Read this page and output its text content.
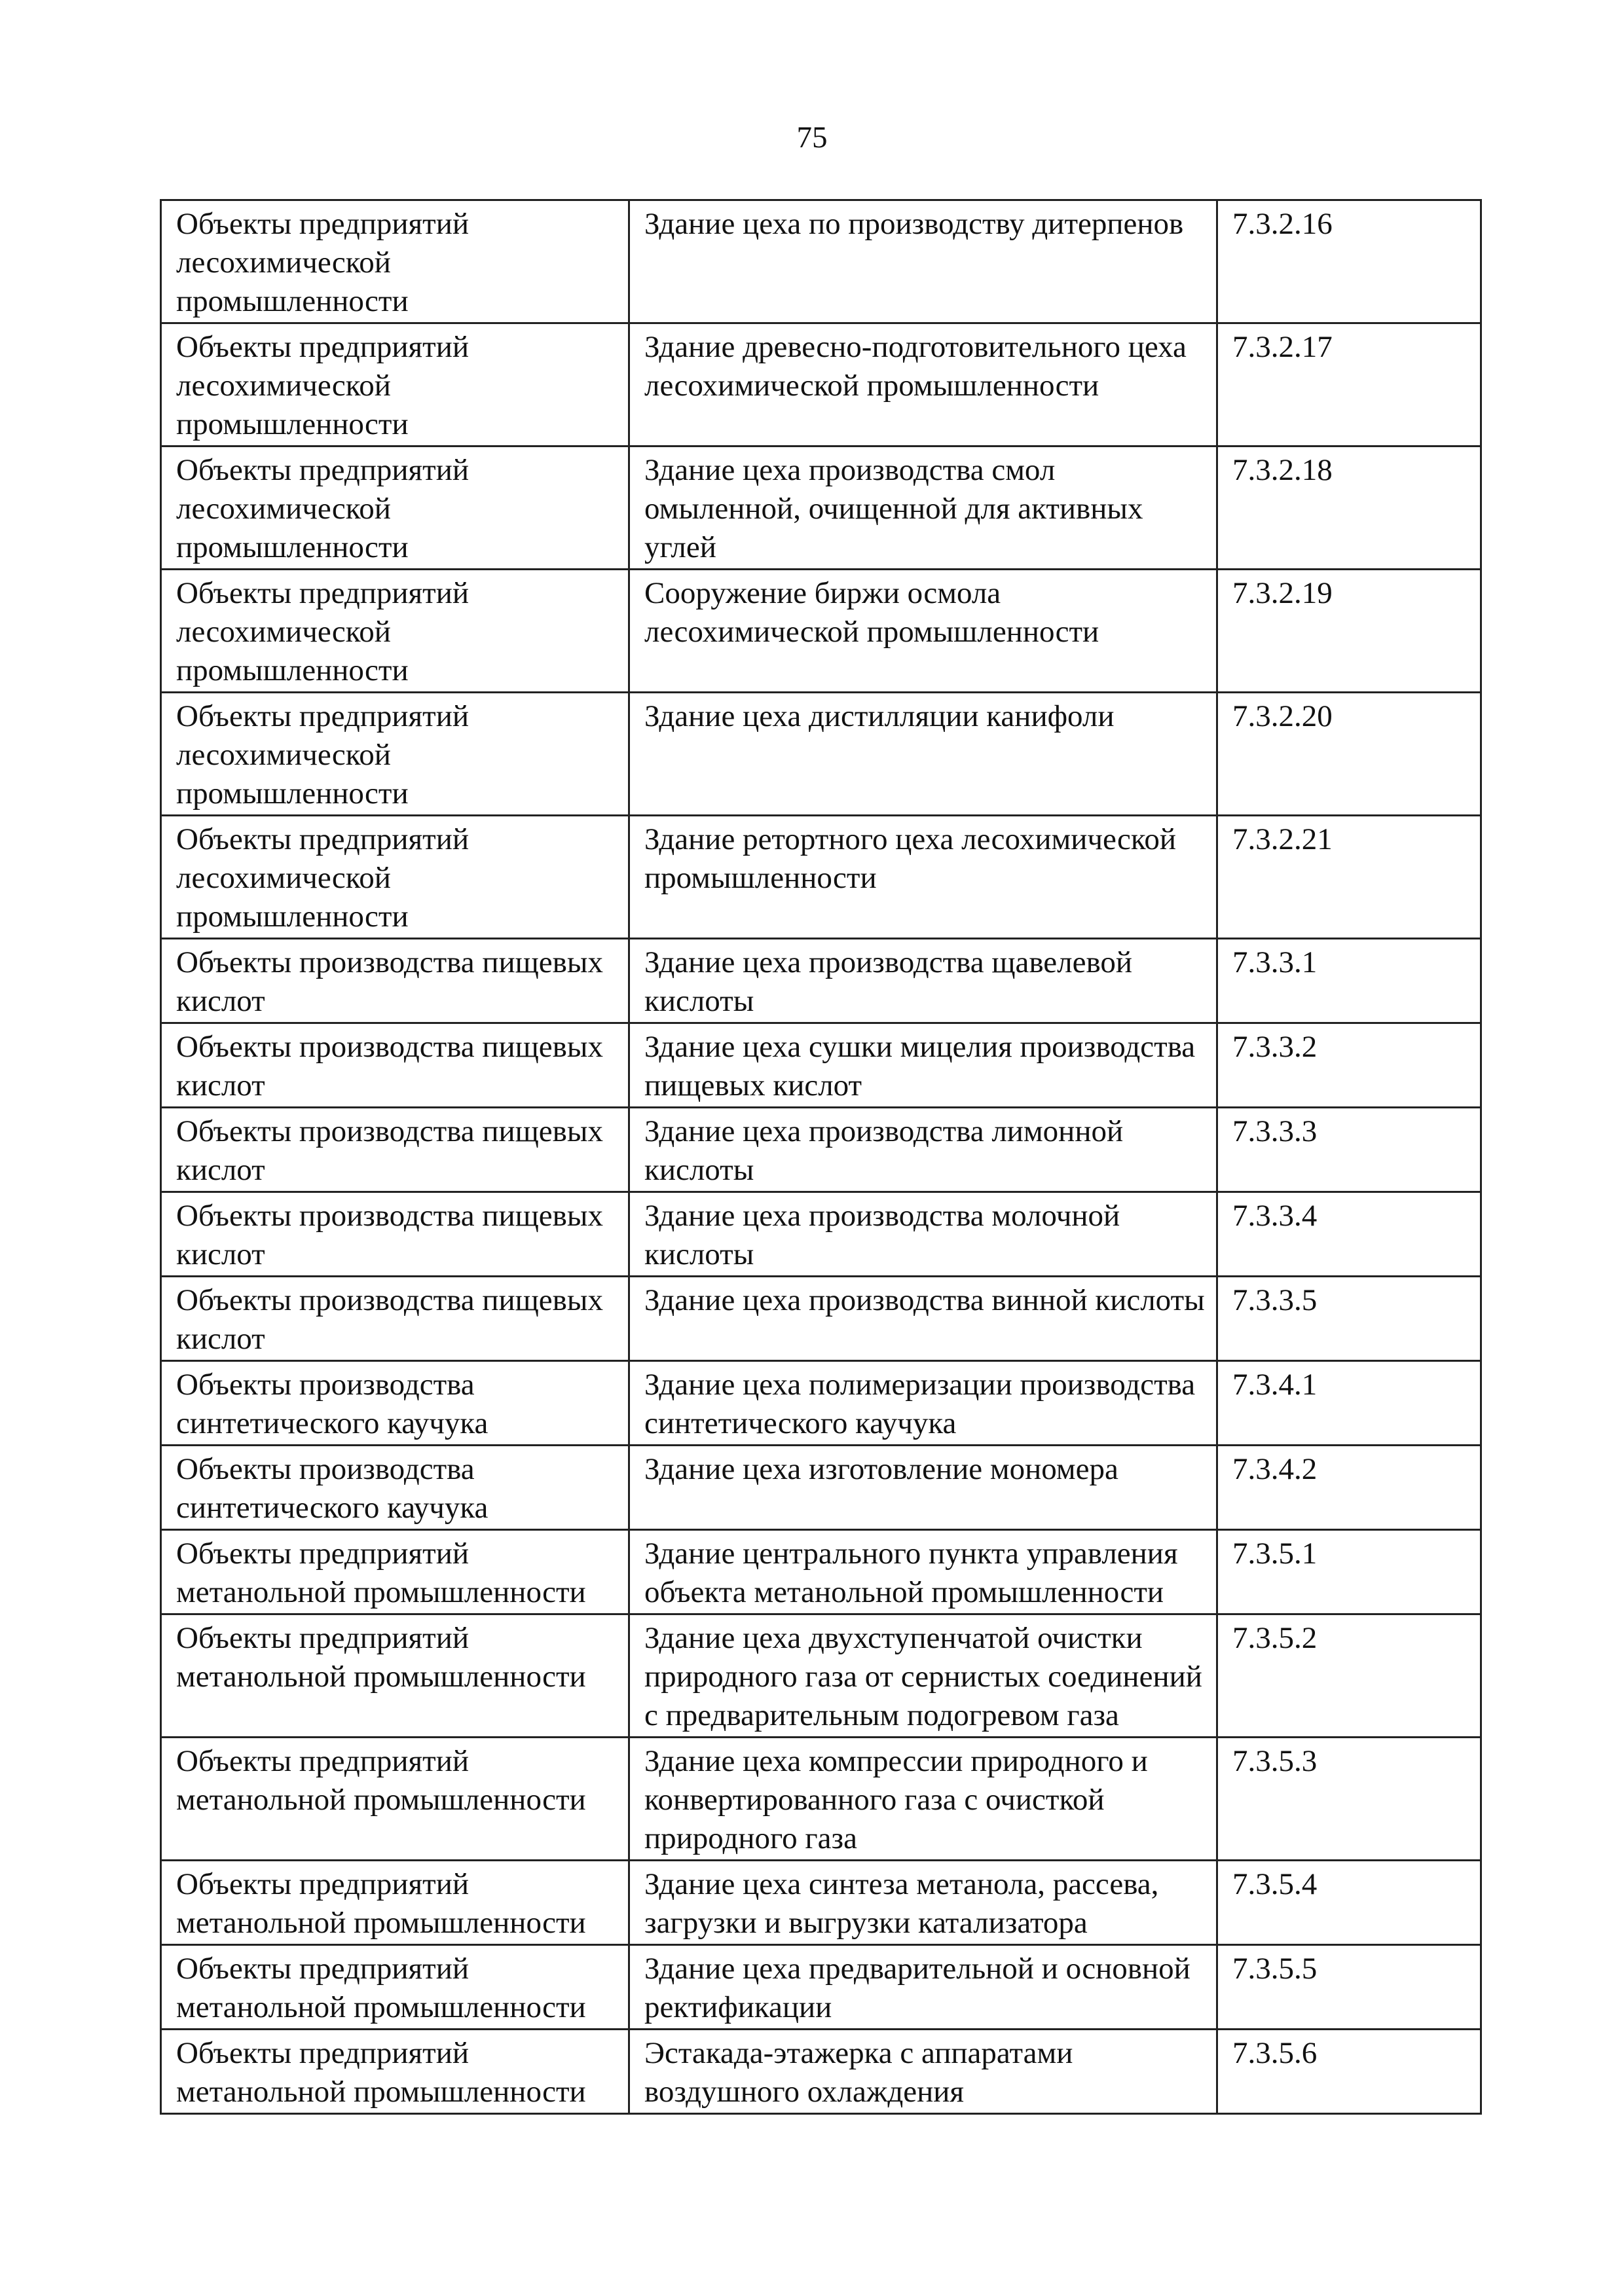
75
Объекты предприятий лесохимической промышленности	Здание цеха по производству дитерпенов	7.3.2.16
Объекты предприятий лесохимической промышленности	Здание древесно-подготовительного цеха лесохимической промышленности	7.3.2.17
Объекты предприятий лесохимической промышленности	Здание цеха производства смол омыленной, очищенной для активных углей	7.3.2.18
Объекты предприятий лесохимической промышленности	Сооружение биржи осмола лесохимической промышленности	7.3.2.19
Объекты предприятий лесохимической промышленности	Здание цеха дистилляции канифоли	7.3.2.20
Объекты предприятий лесохимической промышленности	Здание ретортного цеха лесохимической промышленности	7.3.2.21
Объекты производства пищевых кислот	Здание цеха производства щавелевой кислоты	7.3.3.1
Объекты производства пищевых кислот	Здание цеха сушки мицелия производства пищевых кислот	7.3.3.2
Объекты производства пищевых кислот	Здание цеха производства лимонной кислоты	7.3.3.3
Объекты производства пищевых кислот	Здание цеха производства молочной кислоты	7.3.3.4
Объекты производства пищевых кислот	Здание цеха производства винной кислоты	7.3.3.5
Объекты производства синтетического каучука	Здание цеха полимеризации производства синтетического каучука	7.3.4.1
Объекты производства синтетического каучука	Здание цеха изготовление мономера	7.3.4.2
Объекты предприятий метанольной промышленности	Здание центрального пункта управления объекта метанольной промышленности	7.3.5.1
Объекты предприятий метанольной промышленности	Здание цеха двухступенчатой очистки природного газа от сернистых соединений с предварительным подогревом газа	7.3.5.2
Объекты предприятий метанольной промышленности	Здание цеха компрессии природного и конвертированного газа с очисткой природного газа	7.3.5.3
Объекты предприятий метанольной промышленности	Здание цеха синтеза метанола, рассева, загрузки и выгрузки катализатора	7.3.5.4
Объекты предприятий метанольной промышленности	Здание цеха предварительной и основной ректификации	7.3.5.5
Объекты предприятий метанольной промышленности	Эстакада-этажерка с аппаратами воздушного охлаждения	7.3.5.6
